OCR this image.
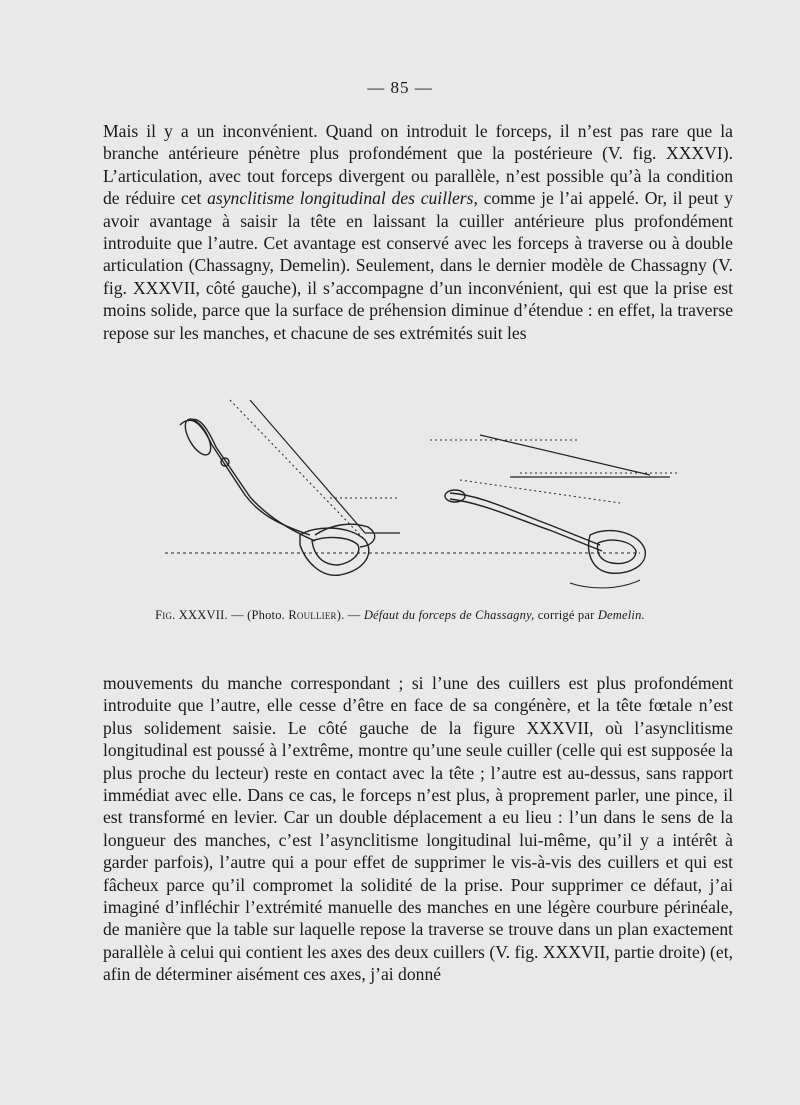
— 85 —
Mais il y a un inconvénient. Quand on introduit le forceps, il n’est pas rare que la branche antérieure pénètre plus profondément que la postérieure (V. fig. XXXVI). L’articulation, avec tout forceps divergent ou parallèle, n’est possible qu’à la condition de réduire cet asynclitisme longitudinal des cuillers, comme je l’ai appelé. Or, il peut y avoir avantage à saisir la tête en laissant la cuiller antérieure plus profondément introduite que l’autre. Cet avantage est conservé avec les forceps à traverse ou à double articulation (Chassagny, Demelin). Seulement, dans le dernier modèle de Chassagny (V. fig. XXXVII, côté gauche), il s’accompagne d’un inconvénient, qui est que la prise est moins solide, parce que la surface de préhension diminue d’étendue : en effet, la traverse repose sur les manches, et chacune de ses extrémités suit les
Fig. XXXVII. — (Photo. Roullier). — Défaut du forceps de Chassagny, corrigé par Demelin.
mouvements du manche correspondant ; si l’une des cuillers est plus profondément introduite que l’autre, elle cesse d’être en face de sa congénère, et la tête fœtale n’est plus solidement saisie. Le côté gauche de la figure XXXVII, où l’asynclitisme longitudinal est poussé à l’extrême, montre qu’une seule cuiller (celle qui est supposée la plus proche du lecteur) reste en contact avec la tête ; l’autre est au-dessus, sans rapport immédiat avec elle. Dans ce cas, le forceps n’est plus, à proprement parler, une pince, il est transformé en levier. Car un double déplacement a eu lieu : l’un dans le sens de la longueur des manches, c’est l’asynclitisme longitudinal lui-même, qu’il y a intérêt à garder parfois), l’autre qui a pour effet de supprimer le vis-à-vis des cuillers et qui est fâcheux parce qu’il compromet la solidité de la prise. Pour supprimer ce défaut, j’ai imaginé d’infléchir l’extrémité manuelle des manches en une légère courbure périnéale, de manière que la table sur laquelle repose la traverse se trouve dans un plan exactement parallèle à celui qui contient les axes des deux cuillers (V. fig. XXXVII, partie droite) (et, afin de déterminer aisément ces axes, j’ai donné
